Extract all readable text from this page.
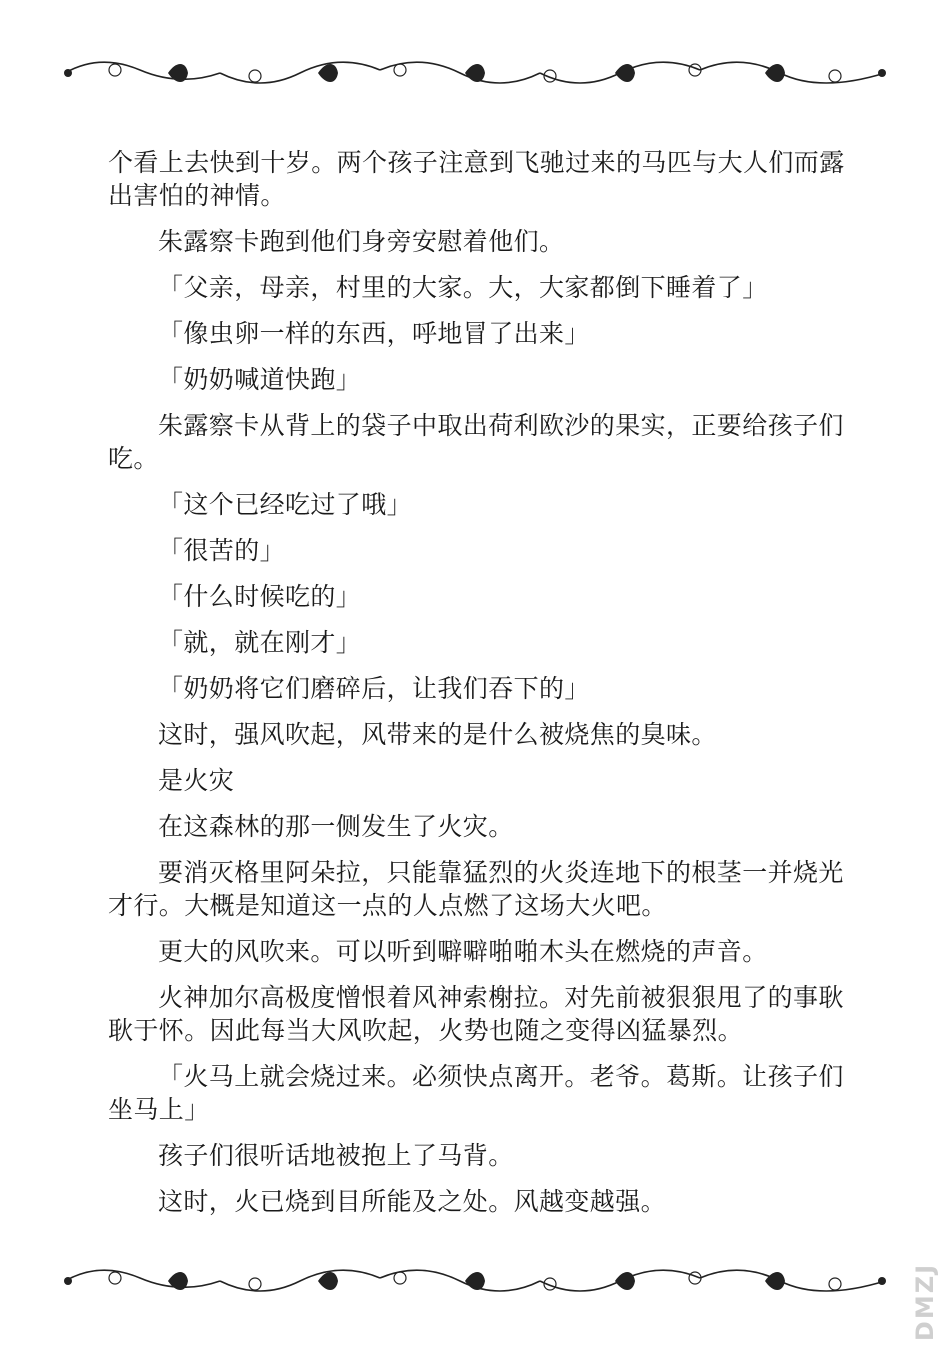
个看上去快到十岁。两个孩子注意到飞驰过来的马匹与大人们而露出害怕的神情。

朱露察卡跑到他们身旁安慰着他们。

「父亲，母亲，村里的大家。大，大家都倒下睡着了」

「像虫卵一样的东西，呼地冒了出来」

「奶奶喊道快跑」

朱露察卡从背上的袋子中取出荷利欧沙的果实，正要给孩子们吃。

「这个已经吃过了哦」

「很苦的」

「什么时候吃的」

「就，就在刚才」

「奶奶将它们磨碎后，让我们吞下的」

这时，强风吹起，风带来的是什么被烧焦的臭味。

是火灾

在这森林的那一侧发生了火灾。

要消灭格里阿朵拉，只能靠猛烈的火炎连地下的根茎一并烧光才行。大概是知道这一点的人点燃了这场大火吧。

更大的风吹来。可以听到噼噼啪啪木头在燃烧的声音。

火神加尔高极度憎恨着风神索榭拉。对先前被狠狠甩了的事耿耿于怀。因此每当大风吹起，火势也随之变得凶猛暴烈。

「火马上就会烧过来。必须快点离开。老爷。葛斯。让孩子们坐马上」

孩子们很听话地被抱上了马背。

这时，火已烧到目所能及之处。风越变越强。

DMZJ
